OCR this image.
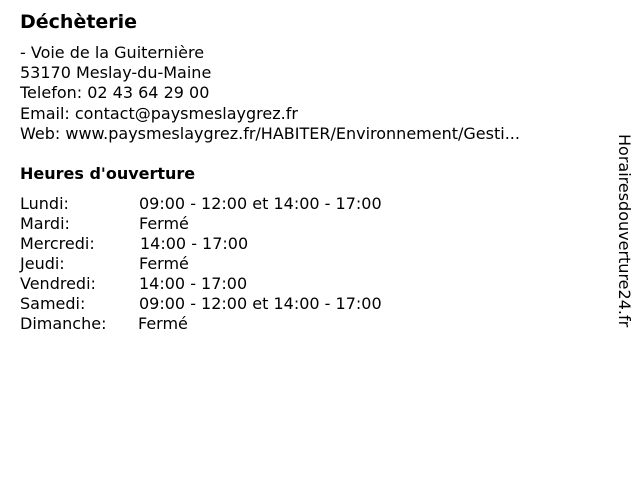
Déchèterie
- Voie de la Guiternière
53170 Meslay-du-Maine
Telefon: 02 43 64 29 00
Email: contact@paysmeslaygrez.fr
Web: www.paysmeslaygrez.fr/HABITER/Environnement/Gesti...
Heures d'ouverture
Lundi:	09:00 - 12:00 et 14:00 - 17:00
Mardi:	Fermé
Mercredi:	14:00 - 17:00
Jeudi:	Fermé
Vendredi:	14:00 - 17:00
Samedi:	09:00 - 12:00 et 14:00 - 17:00
Dimanche: Fermé	Horairesdouverture24.fr
